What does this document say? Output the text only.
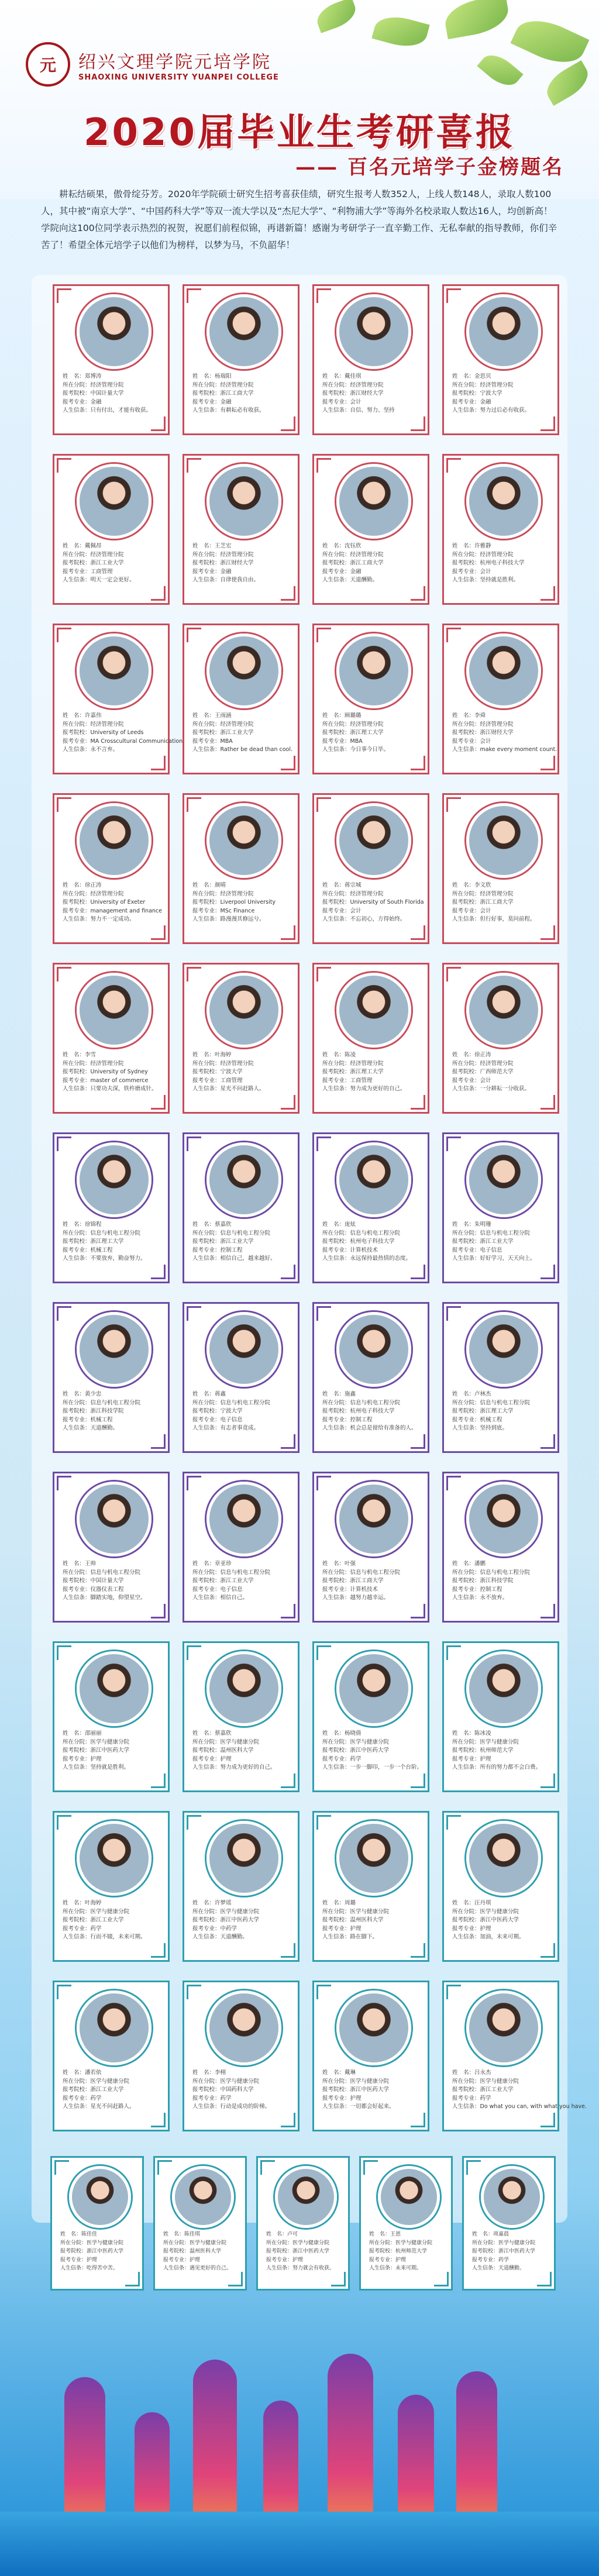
元	绍兴文理学院元培学院
SHAOXING UNIVERSITY YUANPEI COLLEGE
2020届毕业生考研喜报
—— 百名元培学子金榜题名
耕耘结硕果，傲骨绽芬芳。2020年学院硕士研究生招考喜获佳绩，研究生报考人数352人，上线人数148人，录取人数100人，其中被“南京大学”、“中国药科大学”等双一流大学以及“杰尼大学”、“利物浦大学”等海外名校录取人数达16人，均创新高！学院向这100位同学表示热烈的祝贺，祝愿们前程似锦，再谱新篇！感谢为考研学子一直辛勤工作、无私奉献的指导教师，你们辛苦了！希望全体元培学子以他们为榜样，以梦为马，不负韶华！
姓　名：郑博涛
所在分院：经济管理分院
报考院校：中国计量大学
报考专业：金融
人生信条：只有付出，才能有收获。
姓　名：杨瑞阳
所在分院：经济管理分院
报考院校：浙江工商大学
报考专业：金融
人生信条：有耕耘必有收获。
姓　名：戴佳琪
所在分院：经济管理分院
报考院校：浙江财经大学
报考专业：会计
人生信条：自信、努力、坚持
姓　名：金思贝
所在分院：经济管理分院
报考院校：宁波大学
报考专业：金融
人生信条：努力过后必有收获。
姓　名：戴佩昂
所在分院：经济管理分院
报考院校：浙江工业大学
报考专业：工商管理
人生信条：明天一定会更好。
姓　名：王芝宏
所在分院：经济管理分院
报考院校：浙江财经大学
报考专业：金融
人生信条：自律使我自由。
姓　名：沈钰欣
所在分院：经济管理分院
报考院校：浙江工商大学
报考专业：金融
人生信条：天道酬勤。
姓　名：许雅静
所在分院：经济管理分院
报考院校：杭州电子科技大学
报考专业：会计
人生信条：坚持就是胜利。
姓　名：许嘉伟
所在分院：经济管理分院
报考院校：University of Leeds
报考专业：MA Crosscultural Communication
人生信条：永不言弃。
姓　名：王雨涵
所在分院：经济管理分院
报考院校：浙江工业大学
报考专业：MBA
人生信条：Rather be dead than cool.
姓　名：顾璐璐
所在分院：经济管理分院
报考院校：浙江理工大学
报考专业：MBA
人生信条：今日事今日毕。
姓　名：李舜
所在分院：经济管理分院
报考院校：浙江财经大学
报考专业：会计
人生信条：make every moment count.
姓　名：徐正涛
所在分院：经济管理分院
报考院校：University of Exeter
报考专业：management and finance
人生信条：努力不一定成功。
姓　名：颜晴
所在分院：经济管理分院
报考院校：Liverpool University
报考专业：MSc Finance
人生信条：路漫漫其修远兮。
姓　名：蒋宗城
所在分院：经济管理分院
报考院校：University of South Florida
报考专业：会计
人生信条：不忘初心，方得始终。
姓　名：李文欣
所在分院：经济管理分院
报考院校：浙江工商大学
报考专业：会计
人生信条：但行好事，莫问前程。
姓　名：李雪
所在分院：经济管理分院
报考院校：University of Sydney
报考专业：master of commerce
人生信条：只要功夫深，铁杵磨成针。
姓　名：叶海婷
所在分院：经济管理分院
报考院校：宁波大学
报考专业：工商管理
人生信条：星光不问赶路人。
姓　名：陈凌
所在分院：经济管理分院
报考院校：浙江理工大学
报考专业：工商管理
人生信条：努力成为更好的自己。
姓　名：徐正涛
所在分院：经济管理分院
报考院校：广西师范大学
报考专业：会计
人生信条：一分耕耘一分收获。
姓　名：徐锦程
所在分院：信息与机电工程分院
报考院校：浙江理工大学
报考专业：机械工程
人生信条：不要放弃，勤奋努力。
姓　名：蔡嘉欣
所在分院：信息与机电工程分院
报考院校：浙江工业大学
报考专业：控制工程
人生信条：相信自己，越来越好。
姓　名：庞炫
所在分院：信息与机电工程分院
报考院校：杭州电子科技大学
报考专业：计算机技术
人生信条：永远保持最热情的态度。
姓　名：朱明珊
所在分院：信息与机电工程分院
报考院校：浙江工业大学
报考专业：电子信息
人生信条：好好学习，天天向上。
姓　名：黄少忠
所在分院：信息与机电工程分院
报考院校：浙江科技学院
报考专业：机械工程
人生信条：天道酬勤。
姓　名：蒋鑫
所在分院：信息与机电工程分院
报考院校：宁波大学
报考专业：电子信息
人生信条：有志者事竟成。
姓　名：施鑫
所在分院：信息与机电工程分院
报考院校：杭州电子科技大学
报考专业：控制工程
人生信条：机会总是留给有准备的人。
姓　名：卢林杰
所在分院：信息与机电工程分院
报考院校：浙江理工大学
报考专业：机械工程
人生信条：坚持到底。
姓　名：王帅
所在分院：信息与机电工程分院
报考院校：中国计量大学
报考专业：仪器仪表工程
人生信条：脚踏实地，仰望星空。
姓　名：章亚珍
所在分院：信息与机电工程分院
报考院校：浙江工业大学
报考专业：电子信息
人生信条：相信自己。
姓　名：叶强
所在分院：信息与机电工程分院
报考院校：浙江工商大学
报考专业：计算机技术
人生信条：越努力越幸运。
姓　名：潘鹏
所在分院：信息与机电工程分院
报考院校：浙江科技学院
报考专业：控制工程
人生信条：永不放弃。
姓　名：邵丽丽
所在分院：医学与健康分院
报考院校：浙江中医药大学
报考专业：护理
人生信条：坚持就是胜利。
姓　名：蔡嘉欣
所在分院：医学与健康分院
报考院校：温州医科大学
报考专业：护理
人生信条：努力成为更好的自己。
姓　名：杨晓倩
所在分院：医学与健康分院
报考院校：浙江中医药大学
报考专业：药学
人生信条：一步一脚印，一步一个台阶。
姓　名：陈冰凌
所在分院：医学与健康分院
报考院校：杭州师范大学
报考专业：护理
人生信条：所有的努力都不会白费。
姓　名：叶海婷
所在分院：医学与健康分院
报考院校：浙江工业大学
报考专业：药学
人生信条：行而不辍，未来可期。
姓　名：许梦瑶
所在分院：医学与健康分院
报考院校：浙江中医药大学
报考专业：中药学
人生信条：天道酬勤。
姓　名：周璐
所在分院：医学与健康分院
报考院校：温州医科大学
报考专业：护理
人生信条：路在脚下。
姓　名：汪丹琪
所在分院：医学与健康分院
报考院校：浙江中医药大学
报考专业：护理
人生信条：加油，未来可期。
姓　名：潘若依
所在分院：医学与健康分院
报考院校：浙江工业大学
报考专业：药学
人生信条：星光不问赶路人。
姓　名：李栩
所在分院：医学与健康分院
报考院校：中国药科大学
报考专业：药学
人生信条：行动是成功的阶梯。
姓　名：戴琳
所在分院：医学与健康分院
报考院校：浙江中医药大学
报考专业：护理
人生信条：一切都会好起来。
姓　名：吕永杰
所在分院：医学与健康分院
报考院校：浙江工业大学
报考专业：药学
人生信条：Do what you can, with what you have.
姓　名：陈佳佳
所在分院：医学与健康分院
报考院校：浙江中医药大学
报考专业：护理
人生信条：吃得苦中苦。
姓　名：陈佳琪
所在分院：医学与健康分院
报考院校：温州医科大学
报考专业：护理
人生信条：遇见更好的自己。
姓　名：卢可
所在分院：医学与健康分院
报考院校：浙江中医药大学
报考专业：护理
人生信条：努力就会有收获。
姓　名：王恩
所在分院：医学与健康分院
报考院校：杭州师范大学
报考专业：护理
人生信条：未来可期。
姓　名：项嘉晨
所在分院：医学与健康分院
报考院校：浙江中医药大学
报考专业：药学
人生信条：天道酬勤。
